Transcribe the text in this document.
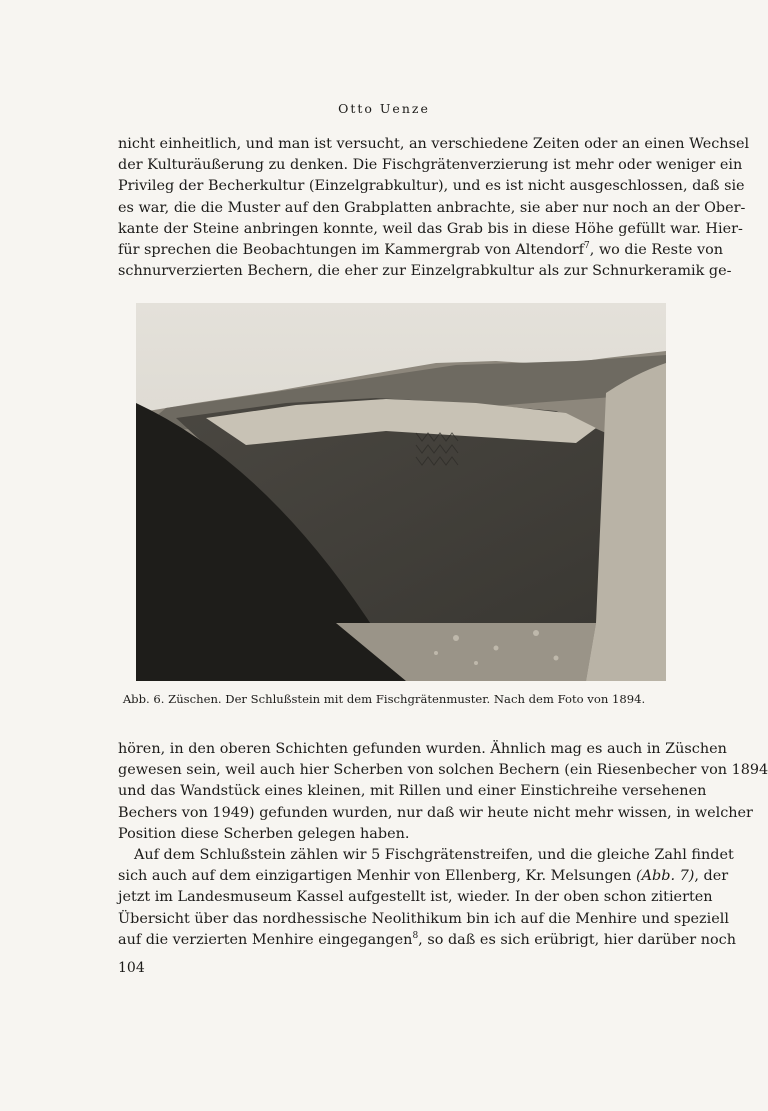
Otto Uenze
nicht einheitlich, und man ist versucht, an verschiedene Zeiten oder an einen Wechsel
der Kulturäußerung zu denken. Die Fischgrätenverzierung ist mehr oder weniger ein
Privileg der Becherkultur (Einzelgrabkultur), und es ist nicht ausgeschlossen, daß sie
es war, die die Muster auf den Grabplatten anbrachte, sie aber nur noch an der Ober-
kante der Steine anbringen konnte, weil das Grab bis in diese Höhe gefüllt war. Hier-
für sprechen die Beobachtungen im Kammergrab von Altendorf$^7$, wo die Reste von
schnurverzierten Bechern, die eher zur Einzelgrabkultur als zur Schnurkeramik ge-
Abb. 6. Züschen. Der Schlußstein mit dem Fischgrätenmuster. Nach dem Foto von 1894.
hören, in den oberen Schichten gefunden wurden. Ähnlich mag es auch in Züschen
gewesen sein, weil auch hier Scherben von solchen Bechern (ein Riesenbecher von 1894
und das Wandstück eines kleinen, mit Rillen und einer Einstichreihe versehenen
Bechers von 1949) gefunden wurden, nur daß wir heute nicht mehr wissen, in welcher
Position diese Scherben gelegen haben.
Auf dem Schlußstein zählen wir 5 Fischgrätenstreifen, und die gleiche Zahl findet
sich auch auf dem einzigartigen Menhir von Ellenberg, Kr. Melsungen (Abb. 7), der
jetzt im Landesmuseum Kassel aufgestellt ist, wieder. In der oben schon zitierten
Übersicht über das nordhessische Neolithikum bin ich auf die Menhire und speziell
auf die verzierten Menhire eingegangen$^8$, so daß es sich erübrigt, hier darüber noch
104
